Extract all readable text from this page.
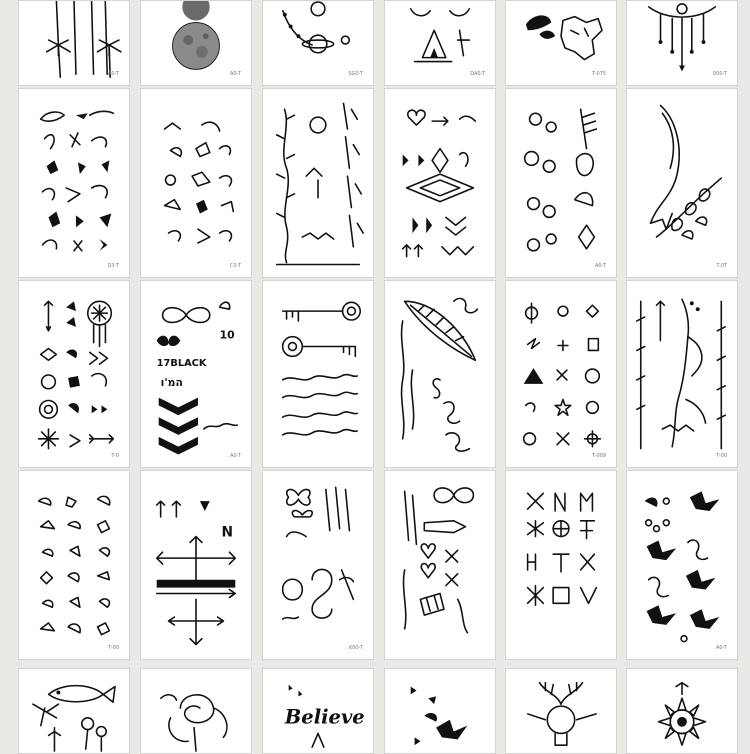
A0-T	A0-T	SG0-T	DA0-T	T-075	000-T
D3-T	C0-T	A0-T	T-0T
T-0
10
17BLACK
המ'ו
A0-T	T-009	T-00
T-00
N
K00-T	A0-T
Believe
